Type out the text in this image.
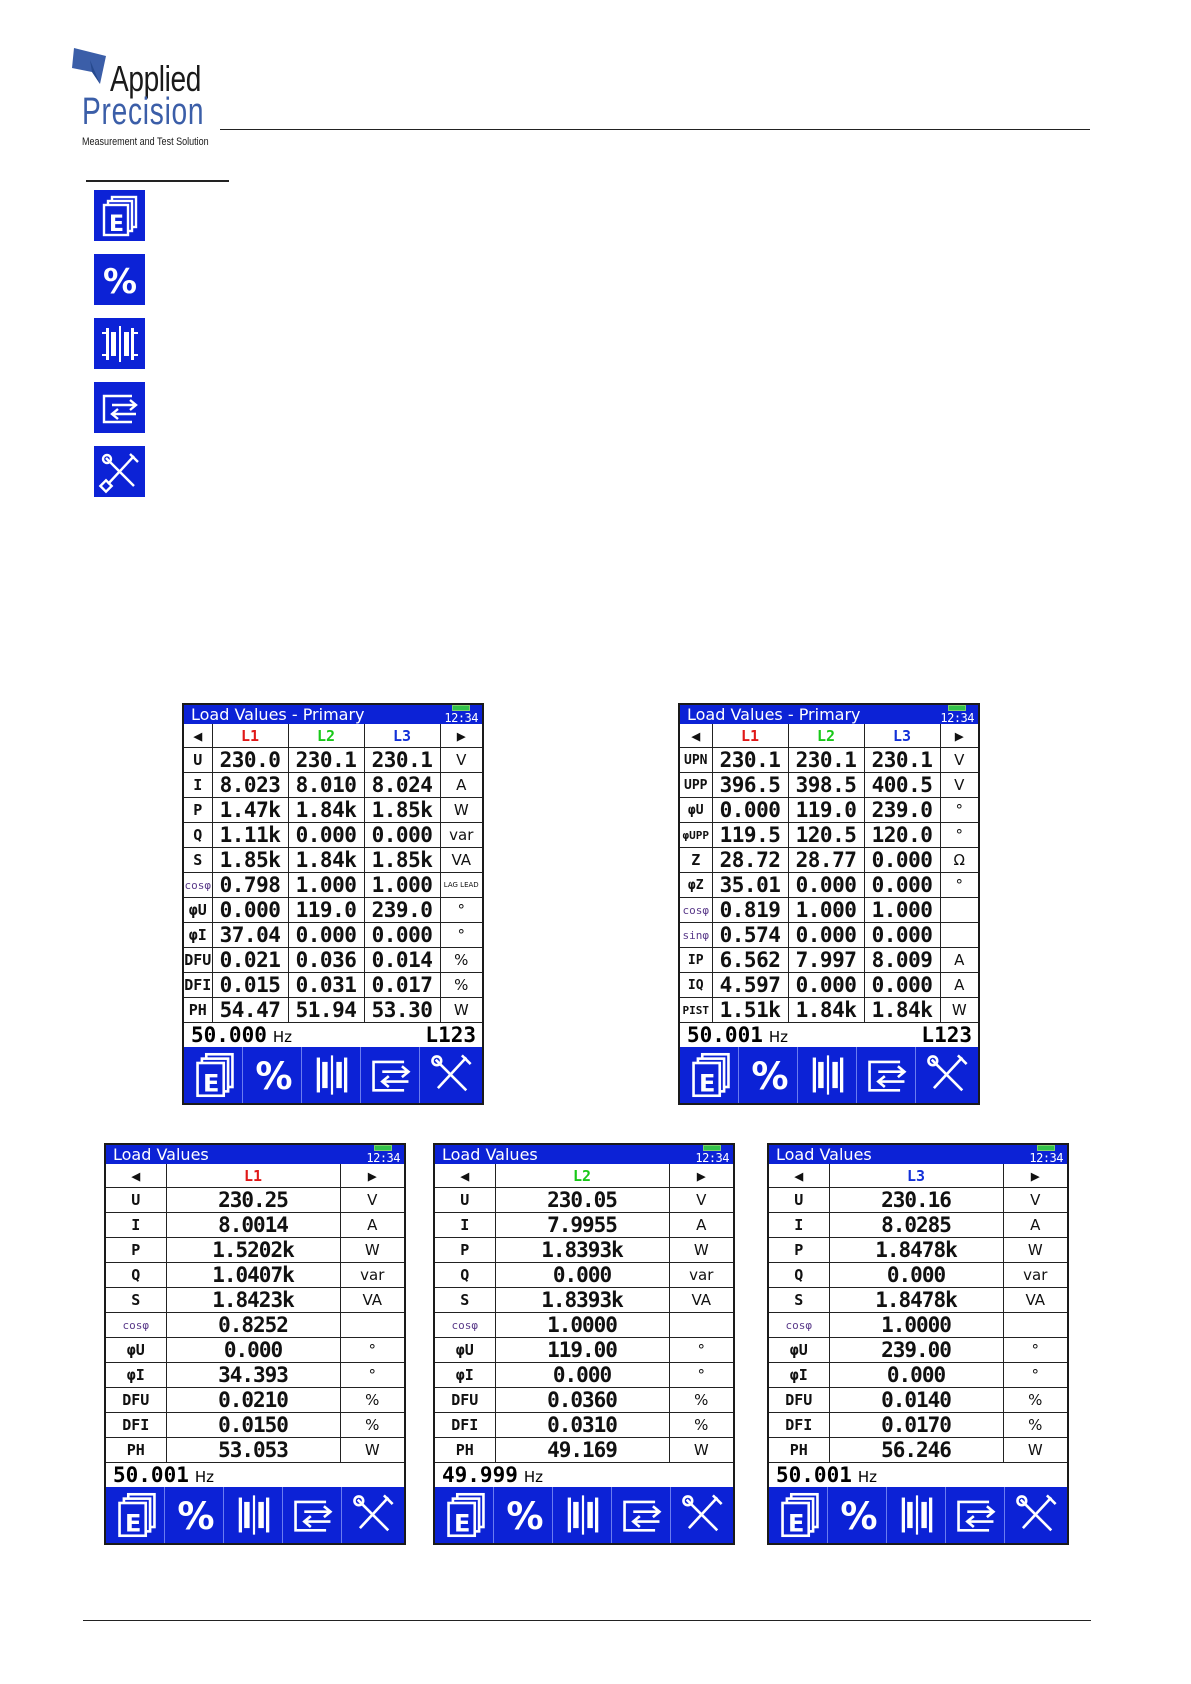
Applied
Precision
Measurement and Test Solution
E
%
Load Values - Primary	12:34
◀	L1	L2	L3	▶
U	230.0	230.1	230.1	V
I	8.023	8.010	8.024	A
P	1.47k	1.84k	1.85k	W
Q	1.11k	0.000	0.000	var
S	1.85k	1.84k	1.85k	VA
cosφ	0.798	1.000	1.000	LAG LEAD
φU	0.000	119.0	239.0	°
φI	37.04	0.000	0.000	°
DFU	0.021	0.036	0.014	%
DFI	0.015	0.031	0.017	%
PH	54.47	51.94	53.30	W
50.000 Hz	L123
E %
Load Values - Primary	12:34
◀	L1	L2	L3	▶
UPN	230.1	230.1	230.1	V
UPP	396.5	398.5	400.5	V
φU	0.000	119.0	239.0	°
φUPP	119.5	120.5	120.0	°
Z	28.72	28.77	0.000	Ω
φZ	35.01	0.000	0.000	°
cosφ	0.819	1.000	1.000	
sinφ	0.574	0.000	0.000	
IP	6.562	7.997	8.009	A
IQ	4.597	0.000	0.000	A
PIST	1.51k	1.84k	1.84k	W
50.001 Hz	L123
E %
Load Values	12:34
◀	L1	▶
U	230.25	V
I	8.0014	A
P	1.5202k	W
Q	1.0407k	var
S	1.8423k	VA
cosφ	0.8252	
φU	0.000	°
φI	34.393	°
DFU	0.0210	%
DFI	0.0150	%
PH	53.053	W
50.001 Hz
E %
Load Values	12:34
◀	L2	▶
U	230.05	V
I	7.9955	A
P	1.8393k	W
Q	0.000	var
S	1.8393k	VA
cosφ	1.0000	
φU	119.00	°
φI	0.000	°
DFU	0.0360	%
DFI	0.0310	%
PH	49.169	W
49.999 Hz
E %
Load Values	12:34
◀	L3	▶
U	230.16	V
I	8.0285	A
P	1.8478k	W
Q	0.000	var
S	1.8478k	VA
cosφ	1.0000	
φU	239.00	°
φI	0.000	°
DFU	0.0140	%
DFI	0.0170	%
PH	56.246	W
50.001 Hz
E %
